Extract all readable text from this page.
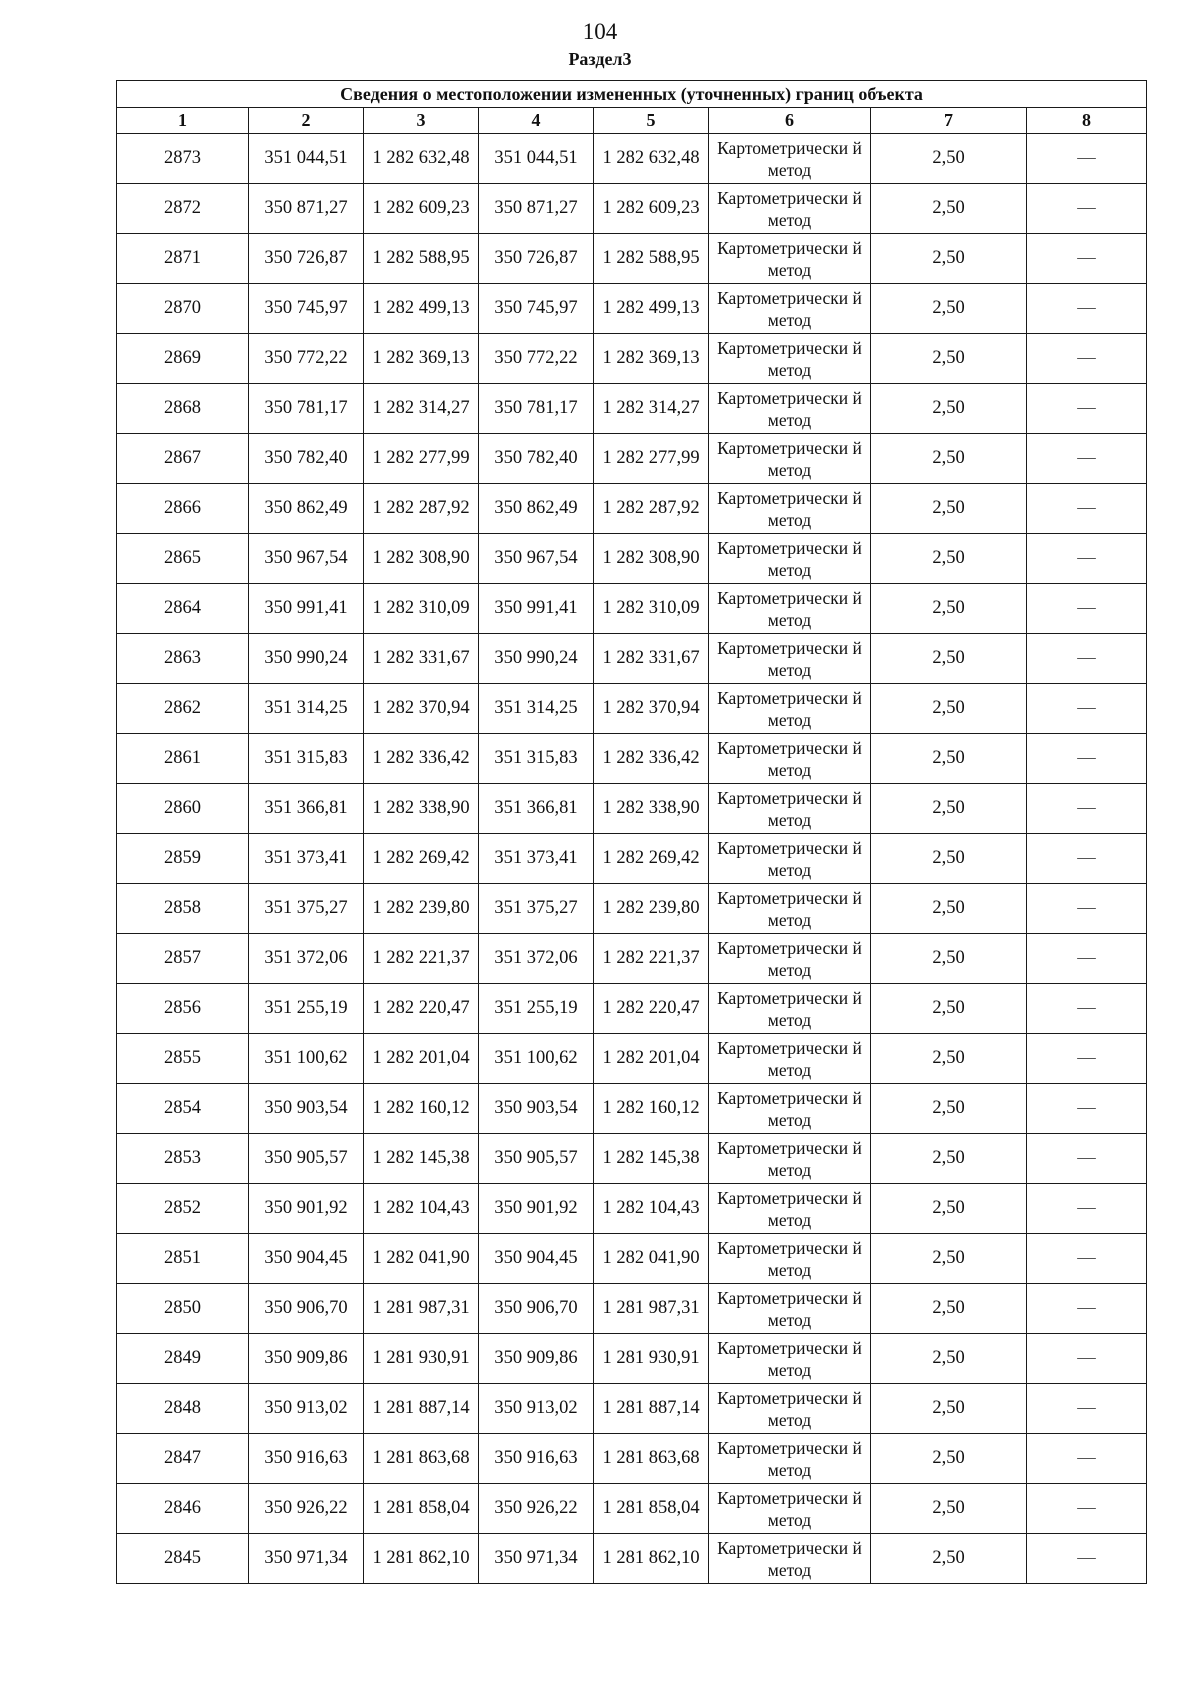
104
Раздел3
Сведения о местоположении измененных (уточненных) границ объекта							
1	2	3	4	5	6	7	8
2873	351 044,51	1 282 632,48	351 044,51	1 282 632,48	Картометрически й метод	2,50	—
2872	350 871,27	1 282 609,23	350 871,27	1 282 609,23	Картометрически й метод	2,50	—
2871	350 726,87	1 282 588,95	350 726,87	1 282 588,95	Картометрически й метод	2,50	—
2870	350 745,97	1 282 499,13	350 745,97	1 282 499,13	Картометрически й метод	2,50	—
2869	350 772,22	1 282 369,13	350 772,22	1 282 369,13	Картометрически й метод	2,50	—
2868	350 781,17	1 282 314,27	350 781,17	1 282 314,27	Картометрически й метод	2,50	—
2867	350 782,40	1 282 277,99	350 782,40	1 282 277,99	Картометрически й метод	2,50	—
2866	350 862,49	1 282 287,92	350 862,49	1 282 287,92	Картометрически й метод	2,50	—
2865	350 967,54	1 282 308,90	350 967,54	1 282 308,90	Картометрически й метод	2,50	—
2864	350 991,41	1 282 310,09	350 991,41	1 282 310,09	Картометрически й метод	2,50	—
2863	350 990,24	1 282 331,67	350 990,24	1 282 331,67	Картометрически й метод	2,50	—
2862	351 314,25	1 282 370,94	351 314,25	1 282 370,94	Картометрически й метод	2,50	—
2861	351 315,83	1 282 336,42	351 315,83	1 282 336,42	Картометрически й метод	2,50	—
2860	351 366,81	1 282 338,90	351 366,81	1 282 338,90	Картометрически й метод	2,50	—
2859	351 373,41	1 282 269,42	351 373,41	1 282 269,42	Картометрически й метод	2,50	—
2858	351 375,27	1 282 239,80	351 375,27	1 282 239,80	Картометрически й метод	2,50	—
2857	351 372,06	1 282 221,37	351 372,06	1 282 221,37	Картометрически й метод	2,50	—
2856	351 255,19	1 282 220,47	351 255,19	1 282 220,47	Картометрически й метод	2,50	—
2855	351 100,62	1 282 201,04	351 100,62	1 282 201,04	Картометрически й метод	2,50	—
2854	350 903,54	1 282 160,12	350 903,54	1 282 160,12	Картометрически й метод	2,50	—
2853	350 905,57	1 282 145,38	350 905,57	1 282 145,38	Картометрически й метод	2,50	—
2852	350 901,92	1 282 104,43	350 901,92	1 282 104,43	Картометрически й метод	2,50	—
2851	350 904,45	1 282 041,90	350 904,45	1 282 041,90	Картометрически й метод	2,50	—
2850	350 906,70	1 281 987,31	350 906,70	1 281 987,31	Картометрически й метод	2,50	—
2849	350 909,86	1 281 930,91	350 909,86	1 281 930,91	Картометрически й метод	2,50	—
2848	350 913,02	1 281 887,14	350 913,02	1 281 887,14	Картометрически й метод	2,50	—
2847	350 916,63	1 281 863,68	350 916,63	1 281 863,68	Картометрически й метод	2,50	—
2846	350 926,22	1 281 858,04	350 926,22	1 281 858,04	Картометрически й метод	2,50	—
2845	350 971,34	1 281 862,10	350 971,34	1 281 862,10	Картометрически й метод	2,50	—
